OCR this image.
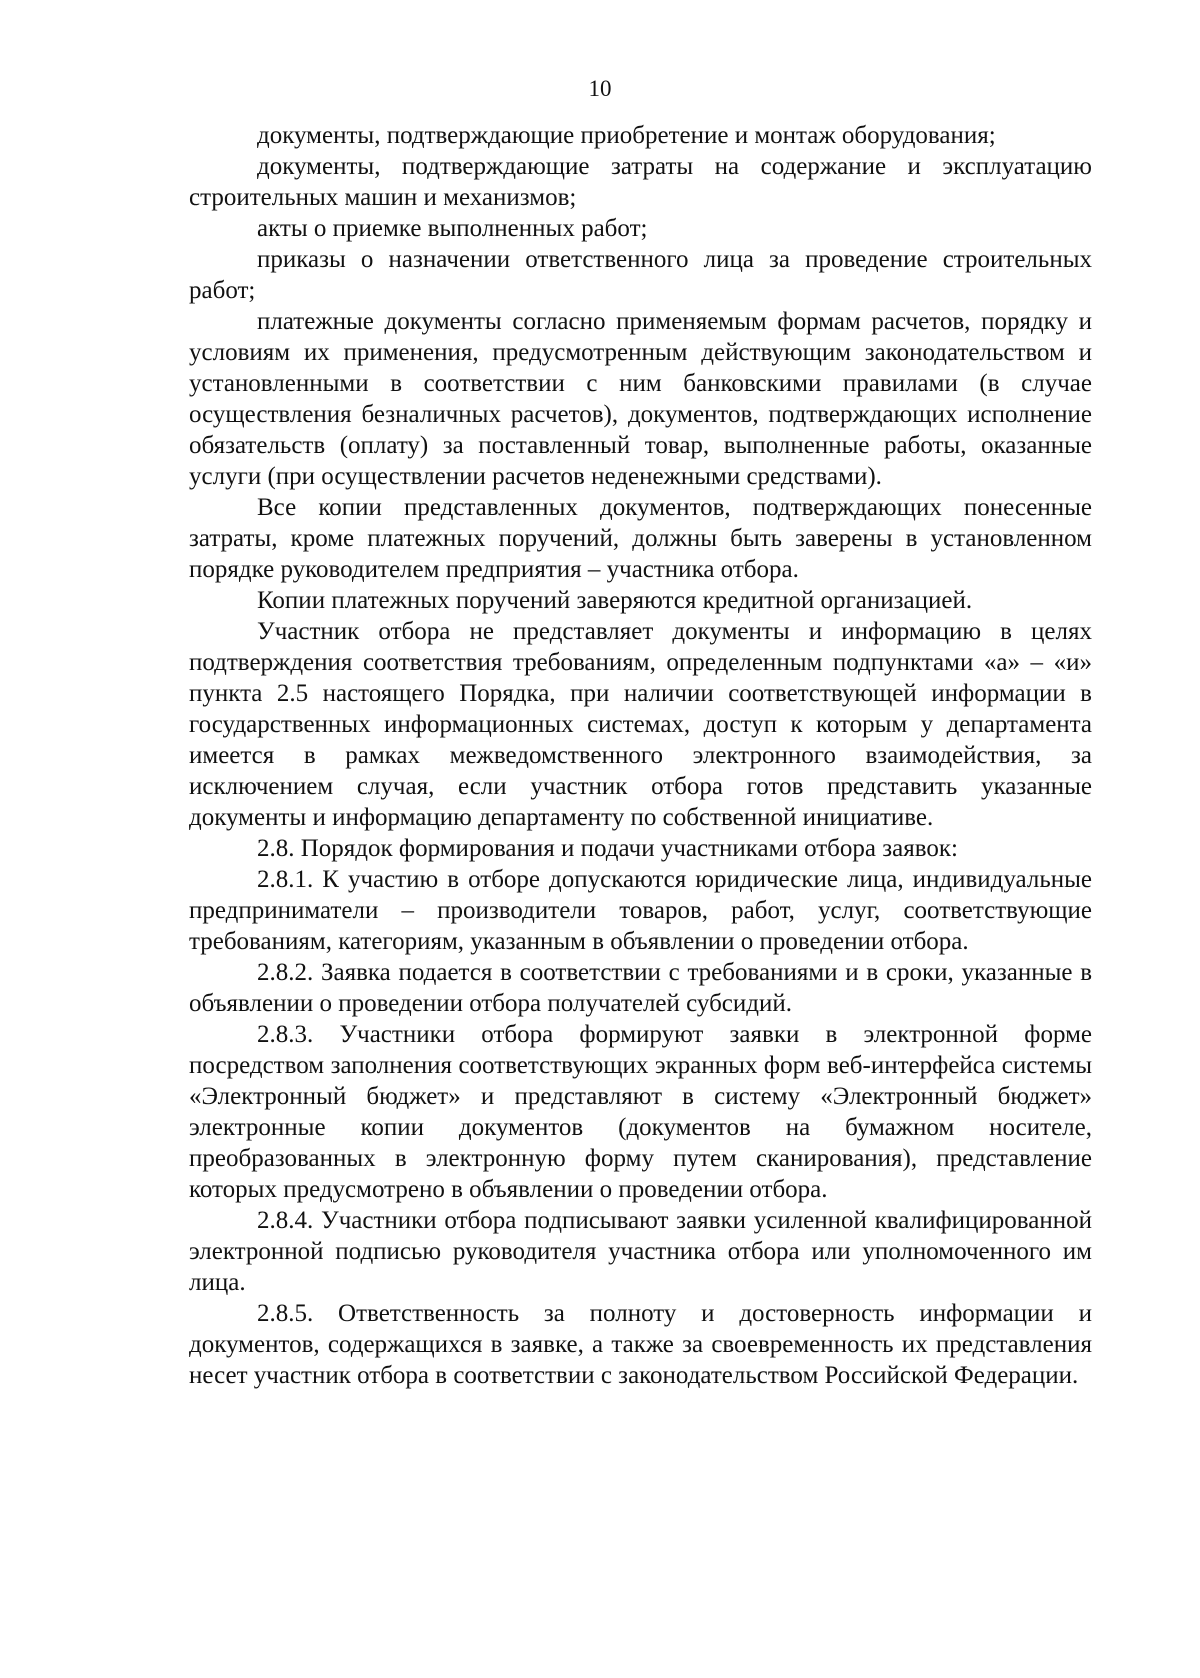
10

документы, подтверждающие приобретение и монтаж оборудования;

документы, подтверждающие затраты на содержание и эксплуатацию строительных машин и механизмов;

акты о приемке выполненных работ;

приказы о назначении ответственного лица за проведение строительных работ;

платежные документы согласно применяемым формам расчетов, порядку и условиям их применения, предусмотренным действующим законодательством и установленными в соответствии с ним банковскими правилами (в случае осуществления безналичных расчетов), документов, подтверждающих исполнение обязательств (оплату) за поставленный товар, выполненные работы, оказанные услуги (при осуществлении расчетов неденежными средствами).

Все копии представленных документов, подтверждающих понесенные затраты, кроме платежных поручений, должны быть заверены в установленном порядке руководителем предприятия – участника отбора.

Копии платежных поручений заверяются кредитной организацией.

Участник отбора не представляет документы и информацию в целях подтверждения соответствия требованиям, определенным подпунктами «а» – «и» пункта 2.5 настоящего Порядка, при наличии соответствующей информации в государственных информационных системах, доступ к которым у департамента имеется в рамках межведомственного электронного взаимодействия, за исключением случая, если участник отбора готов представить указанные документы и информацию департаменту по собственной инициативе.

2.8. Порядок формирования и подачи участниками отбора заявок:

2.8.1. К участию в отборе допускаются юридические лица, индивидуальные предприниматели – производители товаров, работ, услуг, соответствующие требованиям, категориям, указанным в объявлении о проведении отбора.

2.8.2. Заявка подается в соответствии с требованиями и в сроки, указанные в объявлении о проведении отбора получателей субсидий.

2.8.3. Участники отбора формируют заявки в электронной форме посредством заполнения соответствующих экранных форм веб-интерфейса системы «Электронный бюджет» и представляют в систему «Электронный бюджет» электронные копии документов (документов на бумажном носителе, преобразованных в электронную форму путем сканирования), представление которых предусмотрено в объявлении о проведении отбора.

2.8.4. Участники отбора подписывают заявки усиленной квалифицированной электронной подписью руководителя участника отбора или уполномоченного им лица.

2.8.5. Ответственность за полноту и достоверность информации и документов, содержащихся в заявке, а также за своевременность их представления несет участник отбора в соответствии с законодательством Российской Федерации.
